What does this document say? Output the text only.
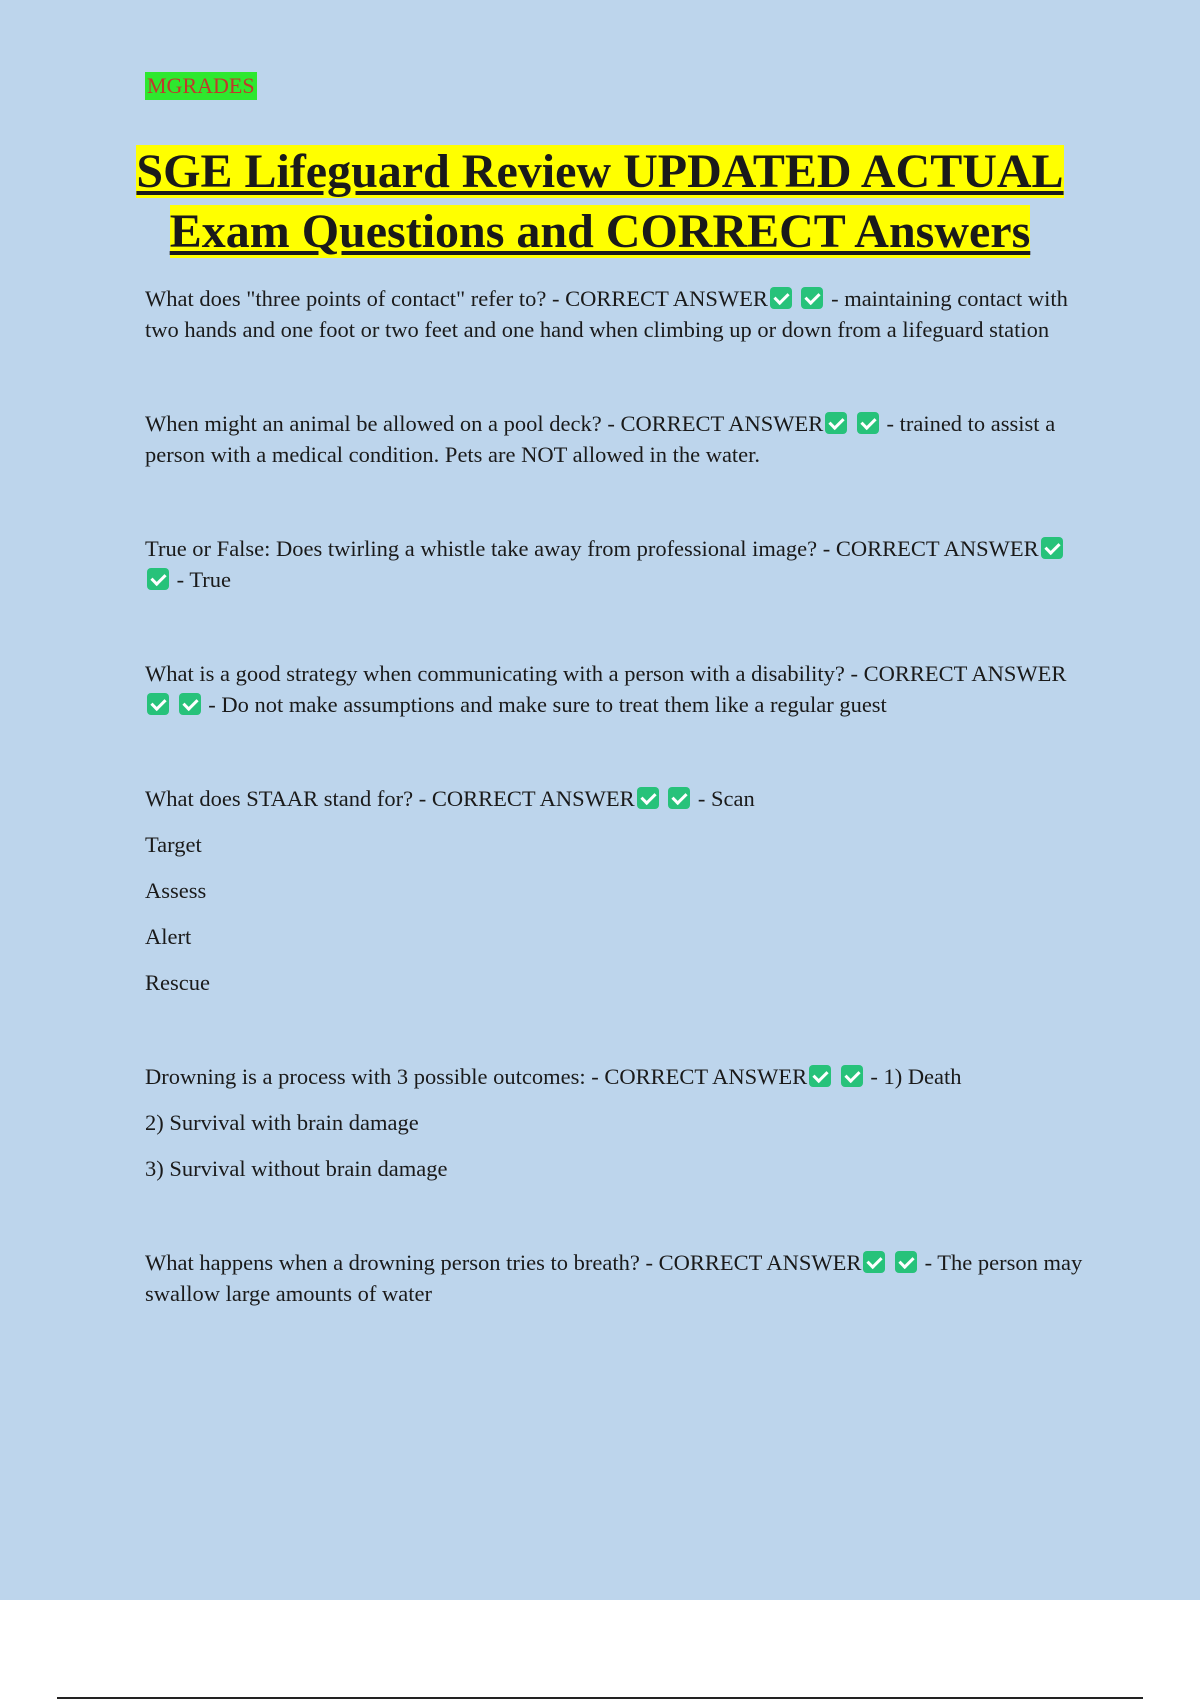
MGRADES
SGE Lifeguard Review UPDATED ACTUAL
Exam Questions and CORRECT Answers

What does "three points of contact" refer to? - CORRECT ANSWER	- maintaining contact with two hands and one foot or two feet and one hand when climbing up or down from a lifeguard station

When might an animal be allowed on a pool deck? - CORRECT ANSWER	- trained to assist a person with a medical condition. Pets are NOT allowed in the water.

True or False: Does twirling a whistle take away from professional image? - CORRECT ANSWER  - True

What is a good strategy when communicating with a person with a disability? - CORRECT ANSWER  - Do not make assumptions and make sure to treat them like a regular guest

What does STAAR stand for? - CORRECT ANSWER	- Scan

Target
Assess
Alert
Rescue

Drowning is a process with 3 possible outcomes: - CORRECT ANSWER	- 1) Death

2) Survival with brain damage
3) Survival without brain damage

What happens when a drowning person tries to breath? - CORRECT ANSWER	- The person may swallow large amounts of water
